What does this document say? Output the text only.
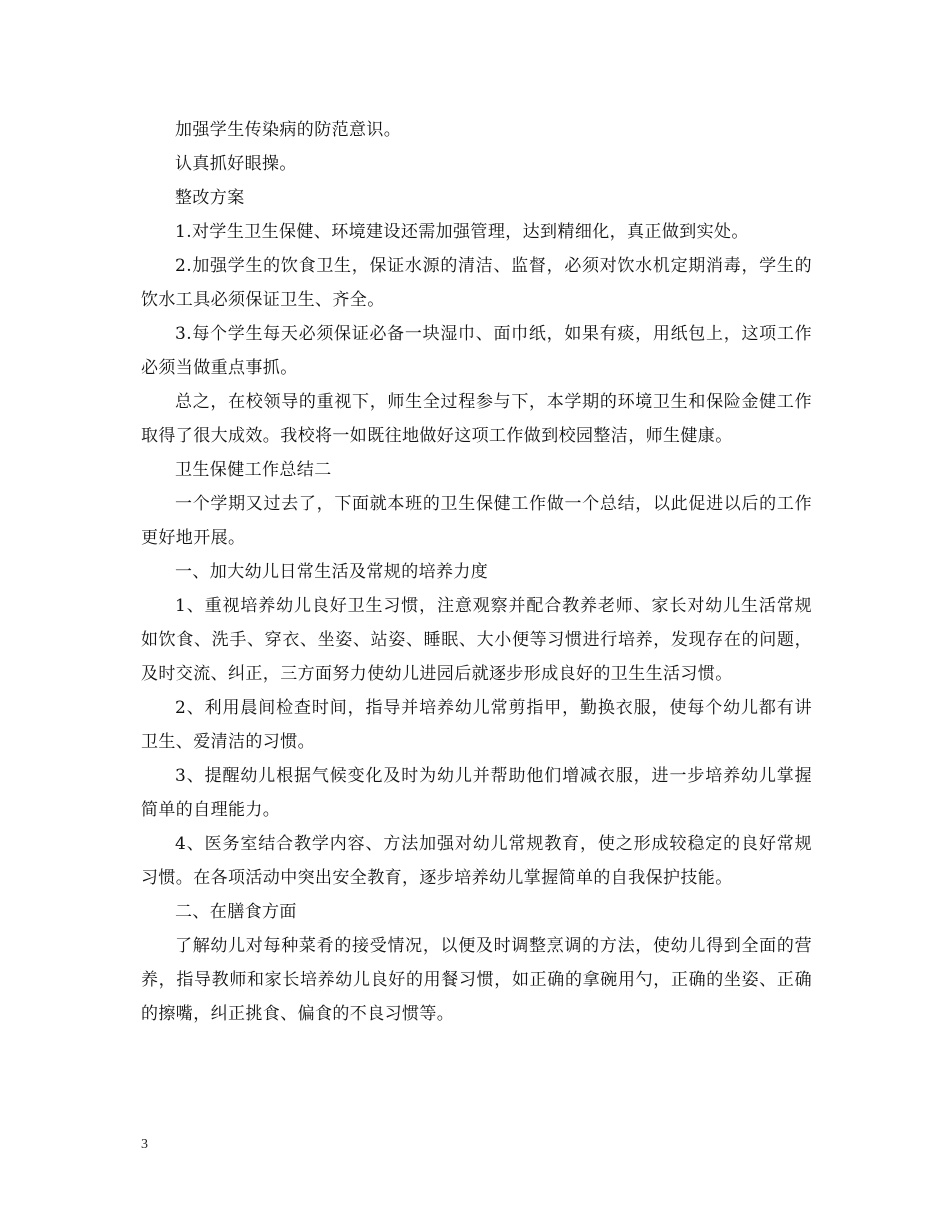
加强学生传染病的防范意识。

认真抓好眼操。

整改方案

1.对学生卫生保健、环境建设还需加强管理，达到精细化，真正做到实处。

2.加强学生的饮食卫生，保证水源的清洁、监督，必须对饮水机定期消毒，学生的饮水工具必须保证卫生、齐全。

3.每个学生每天必须保证必备一块湿巾、面巾纸，如果有痰，用纸包上，这项工作必须当做重点事抓。

总之，在校领导的重视下，师生全过程参与下，本学期的环境卫生和保险金健工作取得了很大成效。我校将一如既往地做好这项工作做到校园整洁，师生健康。

卫生保健工作总结二

一个学期又过去了，下面就本班的卫生保健工作做一个总结，以此促进以后的工作更好地开展。

一、加大幼儿日常生活及常规的培养力度

1、重视培养幼儿良好卫生习惯，注意观察并配合教养老师、家长对幼儿生活常规如饮食、洗手、穿衣、坐姿、站姿、睡眠、大小便等习惯进行培养，发现存在的问题，及时交流、纠正，三方面努力使幼儿进园后就逐步形成良好的卫生生活习惯。

2、利用晨间检查时间，指导并培养幼儿常剪指甲，勤换衣服，使每个幼儿都有讲卫生、爱清洁的习惯。

3、提醒幼儿根据气候变化及时为幼儿并帮助他们增减衣服，进一步培养幼儿掌握简单的自理能力。

4、医务室结合教学内容、方法加强对幼儿常规教育，使之形成较稳定的良好常规习惯。在各项活动中突出安全教育，逐步培养幼儿掌握简单的自我保护技能。

二、在膳食方面

了解幼儿对每种菜肴的接受情况，以便及时调整烹调的方法，使幼儿得到全面的营养，指导教师和家长培养幼儿良好的用餐习惯，如正确的拿碗用勺，正确的坐姿、正确的擦嘴，纠正挑食、偏食的不良习惯等。

3
